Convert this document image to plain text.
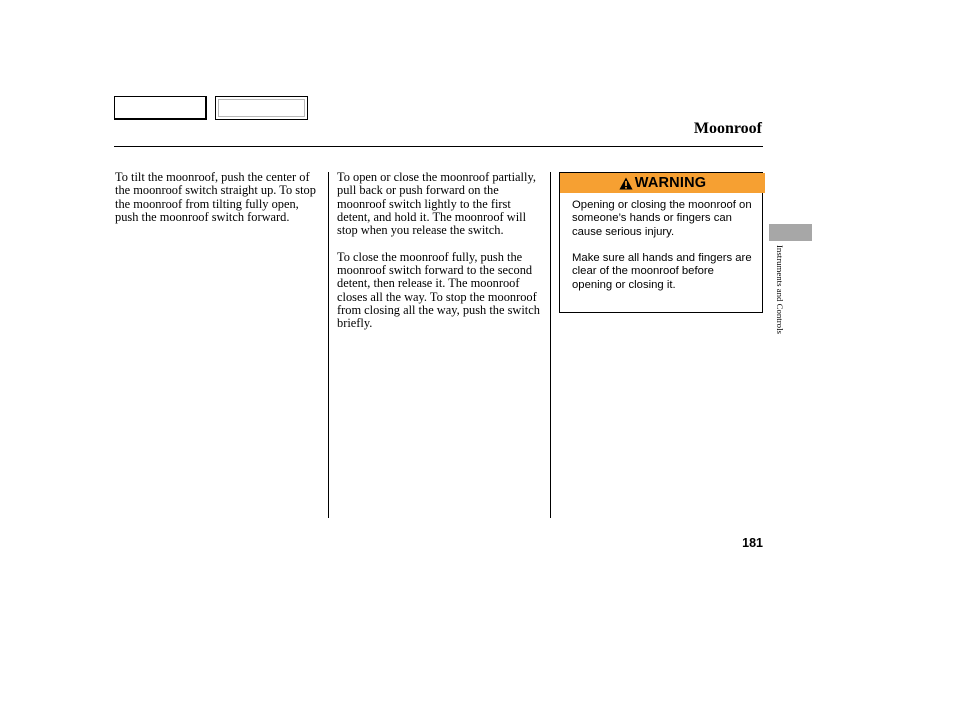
Moonroof

To tilt the moonroof, push the center of the moonroof switch straight up. To stop the moonroof from tilting fully open, push the moonroof switch forward.

To open or close the moonroof partially, pull back or push forward on the moonroof switch lightly to the first detent, and hold it. The moonroof will stop when you release the switch.

To close the moonroof fully, push the moonroof switch forward to the second detent, then release it. The moonroof closes all the way. To stop the moonroof from closing all the way, push the switch briefly.

WARNING

Opening or closing the moonroof on someone’s hands or fingers can cause serious injury.

Make sure all hands and fingers are clear of the moonroof before opening or closing it.	Instruments and Controls
181
